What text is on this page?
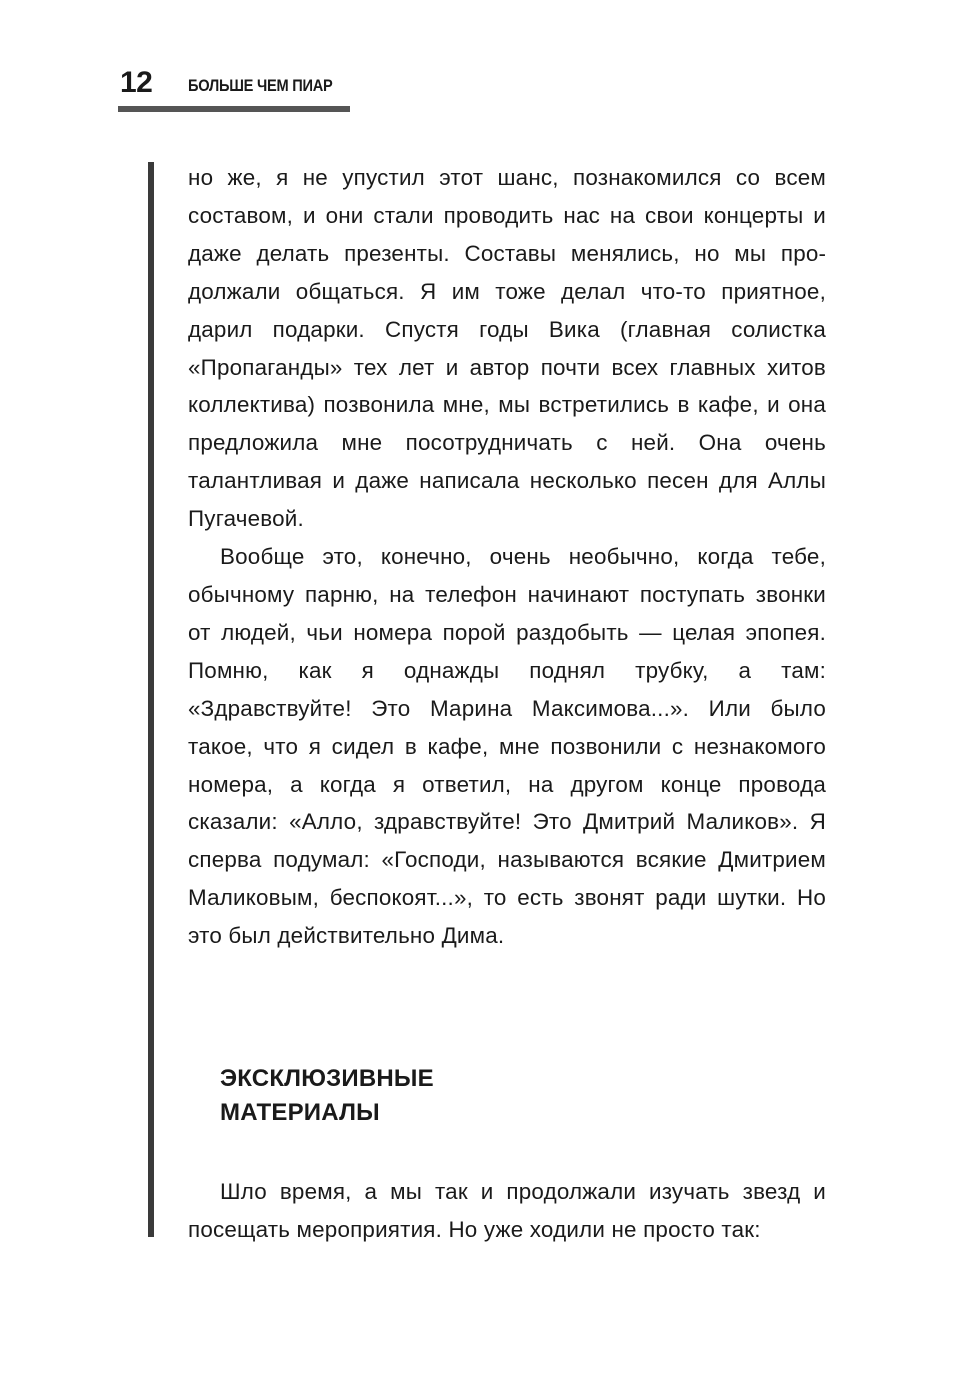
12 БОЛЬШЕ ЧЕМ ПИАР

но же, я не упустил этот шанс, познакомился со всем составом, и они стали проводить нас на свои концерты и даже делать презенты. Составы менялись, но мы продолжали общаться. Я им тоже делал что-то приятное, дарил подарки. Спустя годы Вика (главная солистка «Пропаганды» тех лет и автор почти всех главных хитов коллектива) позвонила мне, мы встретились в кафе, и она предложила мне посотрудничать с ней. Она очень талантливая и даже написала несколько песен для Аллы Пугачевой.

Вообще это, конечно, очень необычно, когда тебе, обычному парню, на телефон начинают поступать звонки от людей, чьи номера порой раздобыть — целая эпопея. Помню, как я однажды поднял трубку, а там: «Здравствуйте! Это Марина Максимова...». Или было такое, что я сидел в кафе, мне позвонили с незнакомого номера, а когда я ответил, на другом конце провода сказали: «Алло, здравствуйте! Это Дмитрий Маликов». Я сперва подумал: «Господи, называются всякие Дмитрием Маликовым, беспокоят...», то есть звонят ради шутки. Но это был действительно Дима.

ЭКСКЛЮЗИВНЫЕ
МАТЕРИАЛЫ

Шло время, а мы так и продолжали изучать звезд и посещать мероприятия. Но уже ходили не просто так:
